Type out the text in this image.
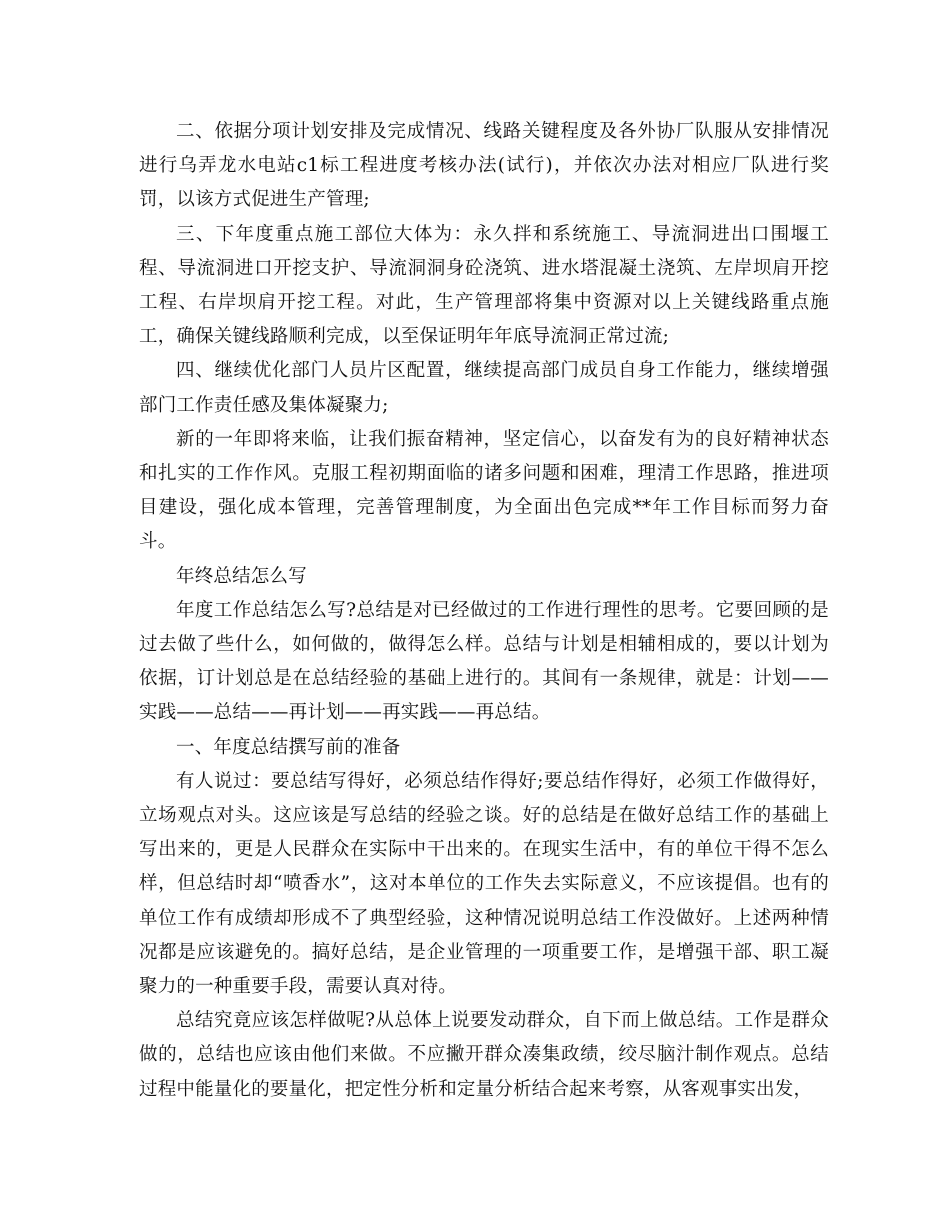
二、依据分项计划安排及完成情况、线路关键程度及各外协厂队服从安排情况进行乌弄龙水电站c1标工程进度考核办法(试行)，并依次办法对相应厂队进行奖罚，以该方式促进生产管理;

三、下年度重点施工部位大体为：永久拌和系统施工、导流洞进出口围堰工程、导流洞进口开挖支护、导流洞洞身砼浇筑、进水塔混凝土浇筑、左岸坝肩开挖工程、右岸坝肩开挖工程。对此，生产管理部将集中资源对以上关键线路重点施工，确保关键线路顺利完成，以至保证明年年底导流洞正常过流;

四、继续优化部门人员片区配置，继续提高部门成员自身工作能力，继续增强部门工作责任感及集体凝聚力;

新的一年即将来临，让我们振奋精神，坚定信心，以奋发有为的良好精神状态和扎实的工作作风。克服工程初期面临的诸多问题和困难，理清工作思路，推进项目建设，强化成本管理，完善管理制度，为全面出色完成**年工作目标而努力奋斗。

年终总结怎么写

年度工作总结怎么写?总结是对已经做过的工作进行理性的思考。它要回顾的是过去做了些什么，如何做的，做得怎么样。总结与计划是相辅相成的，要以计划为依据，订计划总是在总结经验的基础上进行的。其间有一条规律，就是：计划——实践——总结——再计划——再实践——再总结。

一、年度总结撰写前的准备

有人说过：要总结写得好，必须总结作得好;要总结作得好，必须工作做得好，立场观点对头。这应该是写总结的经验之谈。好的总结是在做好总结工作的基础上写出来的，更是人民群众在实际中干出来的。在现实生活中，有的单位干得不怎么样，但总结时却“喷香水”，这对本单位的工作失去实际意义，不应该提倡。也有的单位工作有成绩却形成不了典型经验，这种情况说明总结工作没做好。上述两种情况都是应该避免的。搞好总结，是企业管理的一项重要工作，是增强干部、职工凝聚力的一种重要手段，需要认真对待。

总结究竟应该怎样做呢?从总体上说要发动群众，自下而上做总结。工作是群众做的，总结也应该由他们来做。不应撇开群众凑集政绩，绞尽脑汁制作观点。总结过程中能量化的要量化，把定性分析和定量分析结合起来考察，从客观事实出发，
